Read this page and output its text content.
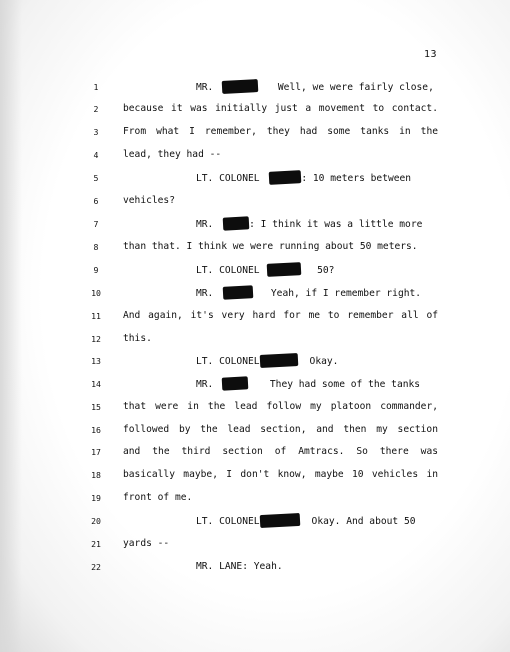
13
1	MR.	Well, we were fairly close,
2	because it was initially just a movement to contact.
3	From what I remember, they had some tanks in the
4	lead, they had --
5	LT. COLONEL	: 10 meters between
6	vehicles?
7	MR.	: I think it was a little more
8	than that. I think we were running about 50 meters.
9	LT. COLONEL	50?
10	MR.	Yeah, if I remember right.
11	And again, it's very hard for me to remember all of
12	this.
13	LT. COLONEL	Okay.
14	MR.	They had some of the tanks
15	that were in the lead follow my platoon commander,
16	followed by the lead section, and then my section
17	and the third section of Amtracs. So there was
18	basically maybe, I don't know, maybe 10 vehicles in
19	front of me.
20	LT. COLONEL	Okay. And about 50
21	yards --
22	MR. LANE: Yeah.
